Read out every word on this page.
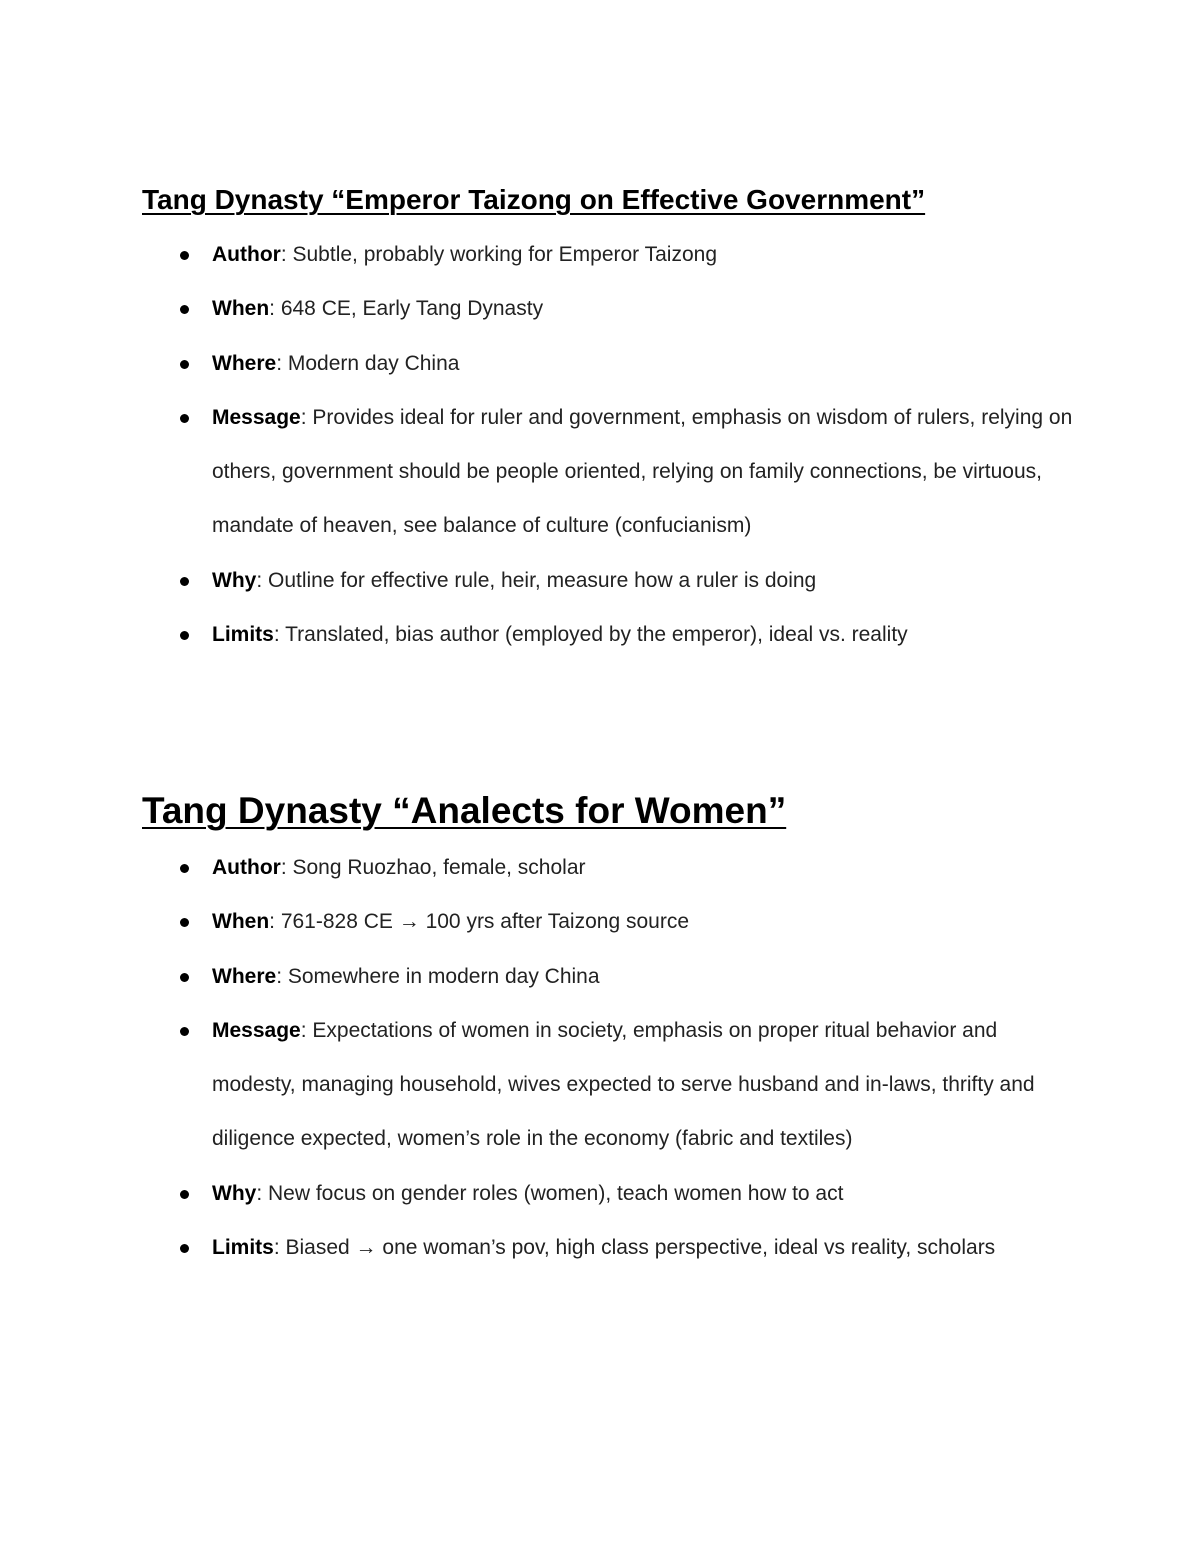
Tang Dynasty “Emperor Taizong on Effective Government”
Author: Subtle, probably working for Emperor Taizong
When: 648 CE, Early Tang Dynasty
Where: Modern day China
Message: Provides ideal for ruler and government, emphasis on wisdom of rulers, relying on others, government should be people oriented, relying on family connections, be virtuous, mandate of heaven, see balance of culture (confucianism)
Why: Outline for effective rule, heir, measure how a ruler is doing
Limits: Translated, bias author (employed by the emperor), ideal vs. reality
Tang Dynasty “Analects for Women”
Author: Song Ruozhao, female, scholar
When: 761-828 CE → 100 yrs after Taizong source
Where: Somewhere in modern day China
Message: Expectations of women in society, emphasis on proper ritual behavior and modesty, managing household, wives expected to serve husband and in-laws, thrifty and diligence expected, women’s role in the economy (fabric and textiles)
Why: New focus on gender roles (women), teach women how to act
Limits: Biased → one woman’s pov, high class perspective, ideal vs reality, scholars
